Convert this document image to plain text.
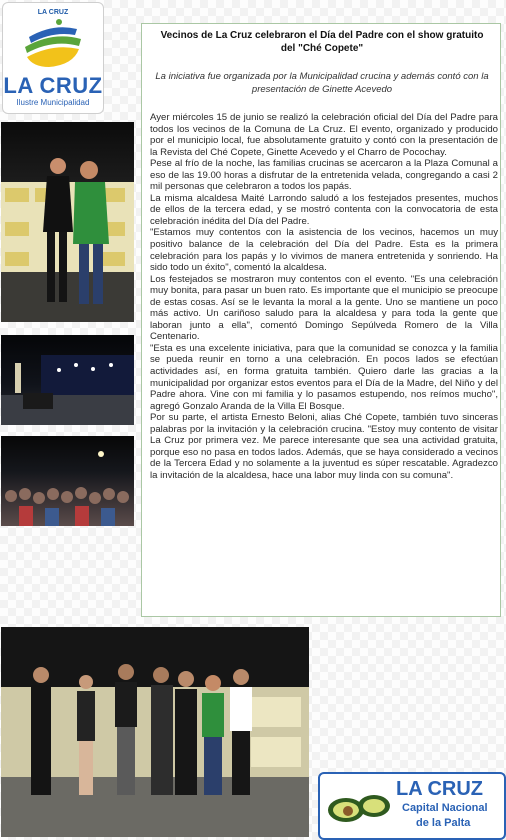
LA CRUZ
LA CRUZ
Ilustre Municipalidad
Vecinos de La Cruz celebraron el Día del Padre con el show gratuito del "Ché Copete"
La iniciativa fue organizada por la Municipalidad crucina y además contó con la presentación de Ginette Acevedo

Ayer miércoles 15 de junio se realizó la celebración oficial del Día del Padre para todos los vecinos de la Comuna de La Cruz. El evento, organizado y producido por el municipio local, fue absolutamente gratuito y contó con la presentación de la Revista del Ché Copete, Ginette Acevedo y el Charro de Pocochay.

Pese al frío de la noche, las familias crucinas se acercaron a la Plaza Comunal a eso de las 19.00 horas a disfrutar de la entretenida velada, congregando a casi 2 mil personas que celebraron a todos los papás.

La misma alcaldesa Maité Larrondo saludó a los festejados presentes, muchos de ellos de la tercera edad, y se mostró contenta con la convocatoria de esta celebración inédita del Día del Padre.

"Estamos muy contentos con la asistencia de los vecinos, hacemos un muy positivo balance de la celebración del Día del Padre. Esta es la primera celebración para los papás y lo vivimos de manera entretenida y sonriendo. Ha sido todo un éxito", comentó la alcaldesa.

Los festejados se mostraron muy contentos con el evento. "Es una celebración muy bonita, para pasar un buen rato. Es importante que el municipio se preocupe de estas cosas. Así se le levanta la moral a la gente. Uno se mantiene un poco más activo. Un cariñoso saludo para la alcaldesa y para toda la gente que laboran junto a ella", comentó Domingo Sepúlveda Romero de la Villa Centenario.

"Esta es una excelente iniciativa, para que la comunidad se conozca y la familia se pueda reunir en torno a una celebración. En pocos lados se efectúan actividades así, en forma gratuita también. Quiero darle las gracias a la municipalidad por organizar estos eventos para el Día de la Madre, del Niño y del Padre ahora. Vine con mi familia y lo pasamos estupendo, nos reímos mucho", agregó Gonzalo Aranda de la Villa El Bosque.

Por su parte, el artista Ernesto Beloni, alias Ché Copete, también tuvo sinceras palabras por la invitación y la celebración crucina. "Estoy muy contento de visitar La Cruz por primera vez. Me parece interesante que sea una actividad gratuita, porque eso no pasa en todos lados. Además, que se haya considerado a vecinos de la Tercera Edad y no solamente a la juventud es súper rescatable. Agradezco la invitación de la alcaldesa, hace una labor muy linda con su comuna".

LA CRUZ
Capital Nacional
de la Palta
